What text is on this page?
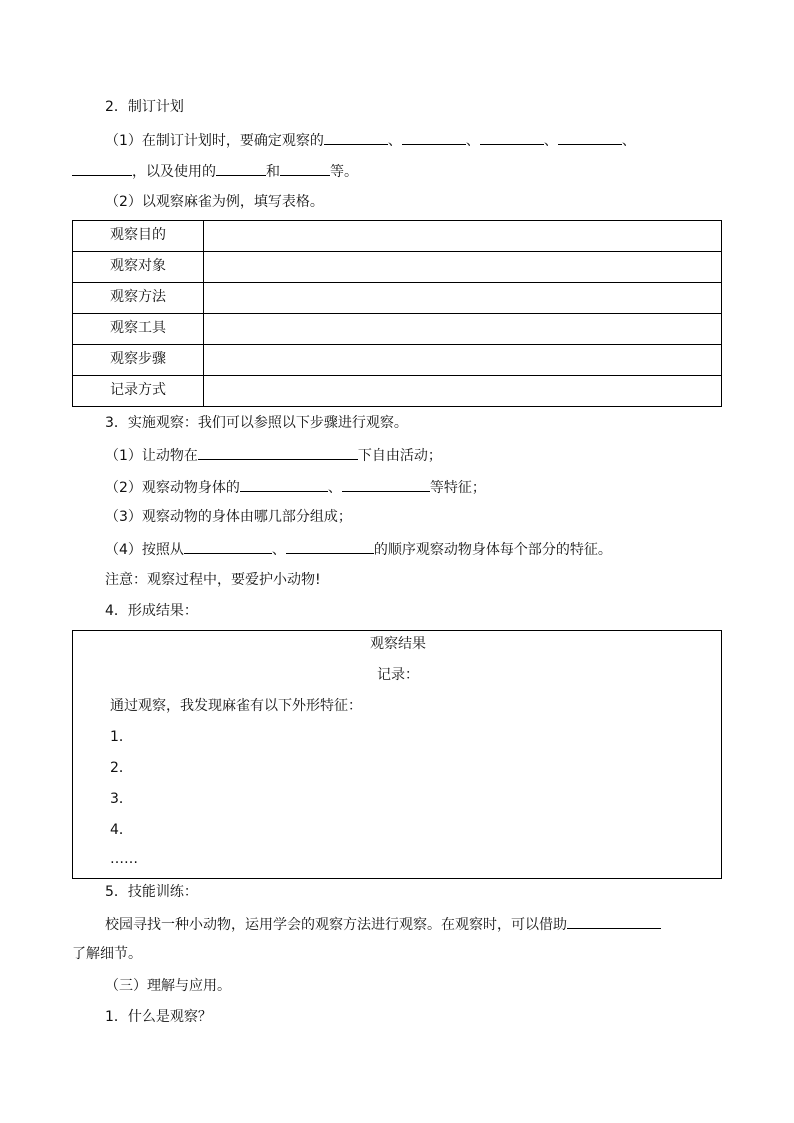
2．制订计划
（1）在制订计划时，要确定观察的	、	、	、	、
，以及使用的	和	等。
（2）以观察麻雀为例，填写表格。
观察目的	
观察对象	
观察方法	
观察工具	
观察步骤	
记录方式	
3．实施观察：我们可以参照以下步骤进行观察。
（1）让动物在	下自由活动；
（2）观察动物身体的	、	等特征；
（3）观察动物的身体由哪几部分组成；
（4）按照从	、	的顺序观察动物身体每个部分的特征。
注意：观察过程中，要爱护小动物!
4．形成结果：
观察结果
记录：
通过观察，我发现麻雀有以下外形特征：
1．
2．
3．
4．
……
5．技能训练：
校园寻找一种小动物，运用学会的观察方法进行观察。在观察时，可以借助
了解细节。
（三）理解与应用。
1．什么是观察？
